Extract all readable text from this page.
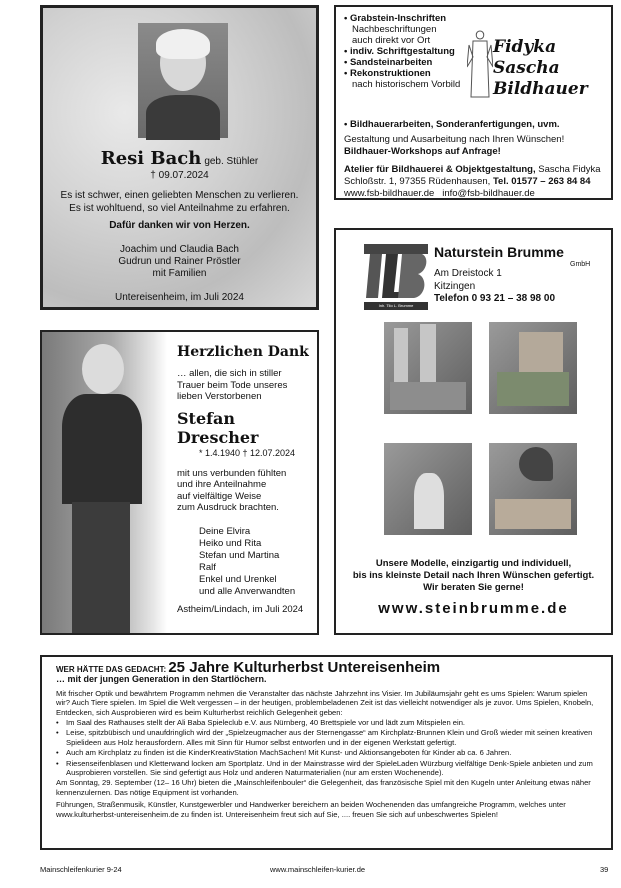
Resi Bach geb. Stühler
† 09.07.2024
Es ist schwer, einen geliebten Menschen zu verlieren.
Es ist wohltuend, so viel Anteilnahme zu erfahren.
Dafür danken wir von Herzen.
Joachim und Claudia Bach
Gudrun und Rainer Pröstler
mit Familien
Untereisenheim, im Juli 2024
• Grabstein-Inschriften
Nachbeschriftungen
auch direkt vor Ort
• indiv. Schriftgestaltung
• Sandsteinarbeiten
• Rekonstruktionen
nach historischem Vorbild
Fidyka
Sascha
Bildhauer
• Bildhauerarbeiten, Sonderanfertigungen, uvm.
Gestaltung und Ausarbeitung nach Ihren Wünschen!
Bildhauer-Workshops auf Anfrage!
Atelier für Bildhauerei & Objektgestaltung, Sascha Fidyka
Schloßstr. 1, 97355 Rüdenhausen, Tel. 01577 – 263 84 84
www.fsb-bildhauer.de info@fsb-bildhauer.de
Herzlichen Dank
… allen, die sich in stiller
Trauer beim Tode unseres
lieben Verstorbenen
Stefan Drescher
* 1.4.1940 † 12.07.2024
mit uns verbunden fühlten
und ihre Anteilnahme
auf vielfältige Weise
zum Ausdruck brachten.
Deine Elvira
Heiko und Rita
Stefan und Martina
Ralf
Enkel und Urenkel
und alle Anverwandten
Astheim/Lindach, im Juli 2024
Inh. Tilo L. Brumme
Naturstein Brumme
GmbH
Am Dreistock 1
Kitzingen
Telefon 0 93 21 – 38 98 00
Unsere Modelle, einzigartig und individuell,
bis ins kleinste Detail nach Ihren Wünschen gefertigt.
Wir beraten Sie gerne!
www.steinbrumme.de
WER HÄTTE DAS GEDACHT: 25 Jahre Kulturherbst Untereisenheim
… mit der jungen Generation in den Startlöchern.

Mit frischer Optik und bewährtem Programm nehmen die Veranstalter das nächste Jahrzehnt ins Visier. Im Jubiläumsjahr geht es ums Spielen: Warum spielen wir? Auch Tiere spielen. Im Spiel die Welt vergessen – in der heutigen, problembeladenen Zeit ist das vielleicht notwendiger als je zuvor. Ums Spielen, Knobeln, Entdecken, sich Ausprobieren wird es beim Kulturherbst reichlich Gelegenheit geben:

• Im Saal des Rathauses stellt der Ali Baba Spieleclub e.V. aus Nürnberg, 40 Brettspiele vor und lädt zum Mitspielen ein.
• Leise, spitzbübisch und unaufdringlich wird der „Spielzeugmacher aus der Sternengasse“ am Kirchplatz-Brunnen Klein und Groß wieder mit seinen kreativen Spielideen aus Holz herausfordern. Alles mit Sinn für Humor selbst entworfen und in der eigenen Werkstatt gefertigt.
• Auch am Kirchplatz zu finden ist die KinderKreativStation MachSachen! Mit Kunst- und Aktionsangeboten für Kinder ab ca. 6 Jahren.
• Riesenseifenblasen und Kletterwand locken am Sportplatz. Und in der Mainstrasse wird der SpieleLaden Würzburg vielfältige Denk-Spiele anbieten und zum Ausprobieren vorstellen. Sie sind gefertigt aus Holz und anderen Naturmaterialien (nur am ersten Wochenende).

Am Sonntag, 29. September (12– 16 Uhr) bieten die „Mainschleifenbouler“ die Gelegenheit, das französische Spiel mit den Kugeln unter Anleitung etwas näher kennenzulernen. Das nötige Equipment ist vorhanden.

Führungen, Straßenmusik, Künstler, Kunstgewerbler und Handwerker bereichern an beiden Wochenenden das umfangreiche Programm, welches unter www.kulturherbst-untereisenheim.de zu finden ist. Untereisenheim freut sich auf Sie, .... freuen Sie sich auf unbeschwertes Spielen!

Mainschleifenkurier 9-24	www.mainschleifen-kurier.de	39
